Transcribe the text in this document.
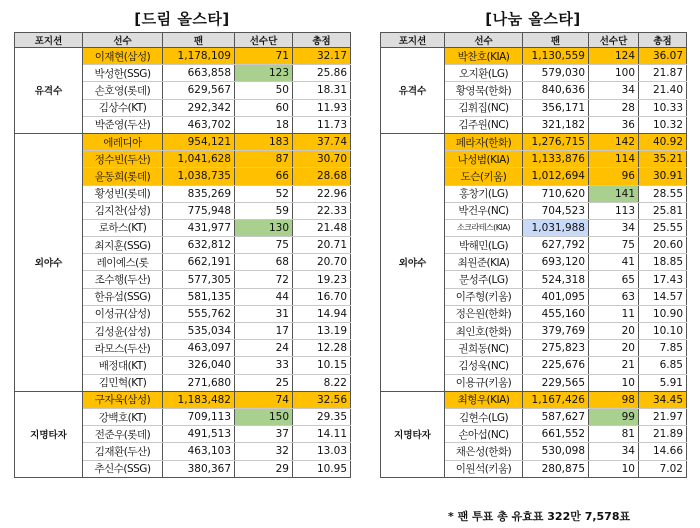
[드림 올스타]
포지션	선수	팬	선수단	총점
유격수	이재현(삼성)	1,178,109	71	32.17
	박성한(SSG)	663,858	123	25.86
	손호영(롯데)	629,567	50	18.31
	김상수(KT)	292,342	60	11.93
	박준영(두산)	463,702	18	11.73
외야수	에레디아	954,121	183	37.74
	정수빈(두산)	1,041,628	87	30.70
	윤동희(롯데)	1,038,735	66	28.68
	황성빈(롯데)	835,269	52	22.96
	김지찬(삼성)	775,948	59	22.33
	로하스(KT)	431,977	130	21.48
	최지훈(SSG)	632,812	75	20.71
	레이예스(롯	662,191	68	20.70
	조수행(두산)	577,305	72	19.23
	한유섬(SSG)	581,135	44	16.70
	이성규(삼성)	555,762	31	14.94
	김성윤(삼성)	535,034	17	13.19
	라모스(두산)	463,097	24	12.28
	배정대(KT)	326,040	33	10.15
	김민혁(KT)	271,680	25	8.22
지명타자	구자욱(삼성)	1,183,482	74	32.56
	강백호(KT)	709,113	150	29.35
	전준우(롯데)	491,513	37	14.11
	김재환(두산)	463,103	32	13.03
	추신수(SSG)	380,367	29	10.95
[나눔 올스타]
포지션	선수	팬	선수단	총점
유격수	박찬호(KIA)	1,130,559	124	36.07
	오지환(LG)	579,030	100	21.87
	황영묵(한화)	840,636	34	21.40
	김휘집(NC)	356,171	28	10.33
	김주원(NC)	321,182	36	10.32
외야수	페라자(한화)	1,276,715	142	40.92
	나성범(KIA)	1,133,876	114	35.21
	도슨(키움)	1,012,694	96	30.91
	홍창기(LG)	710,620	141	28.55
	박건우(NC)	704,523	113	25.81
	소크라테스(KIA)	1,031,988	34	25.55
	박해민(LG)	627,792	75	20.60
	최원준(KIA)	693,120	41	18.85
	문성주(LG)	524,318	65	17.43
	이주형(키움)	401,095	63	14.57
	정은원(한화)	455,160	11	10.90
	최인호(한화)	379,769	20	10.10
	권희동(NC)	275,823	20	7.85
	김성욱(NC)	225,676	21	6.85
	이용규(키움)	229,565	10	5.91
지명타자	최형우(KIA)	1,167,426	98	34.45
	김현수(LG)	587,627	99	21.97
	손아섭(NC)	661,552	81	21.89
	채은성(한화)	530,098	34	14.66
	이원석(키움)	280,875	10	7.02
* 팬 투표 총 유효표 322만 7,578표
